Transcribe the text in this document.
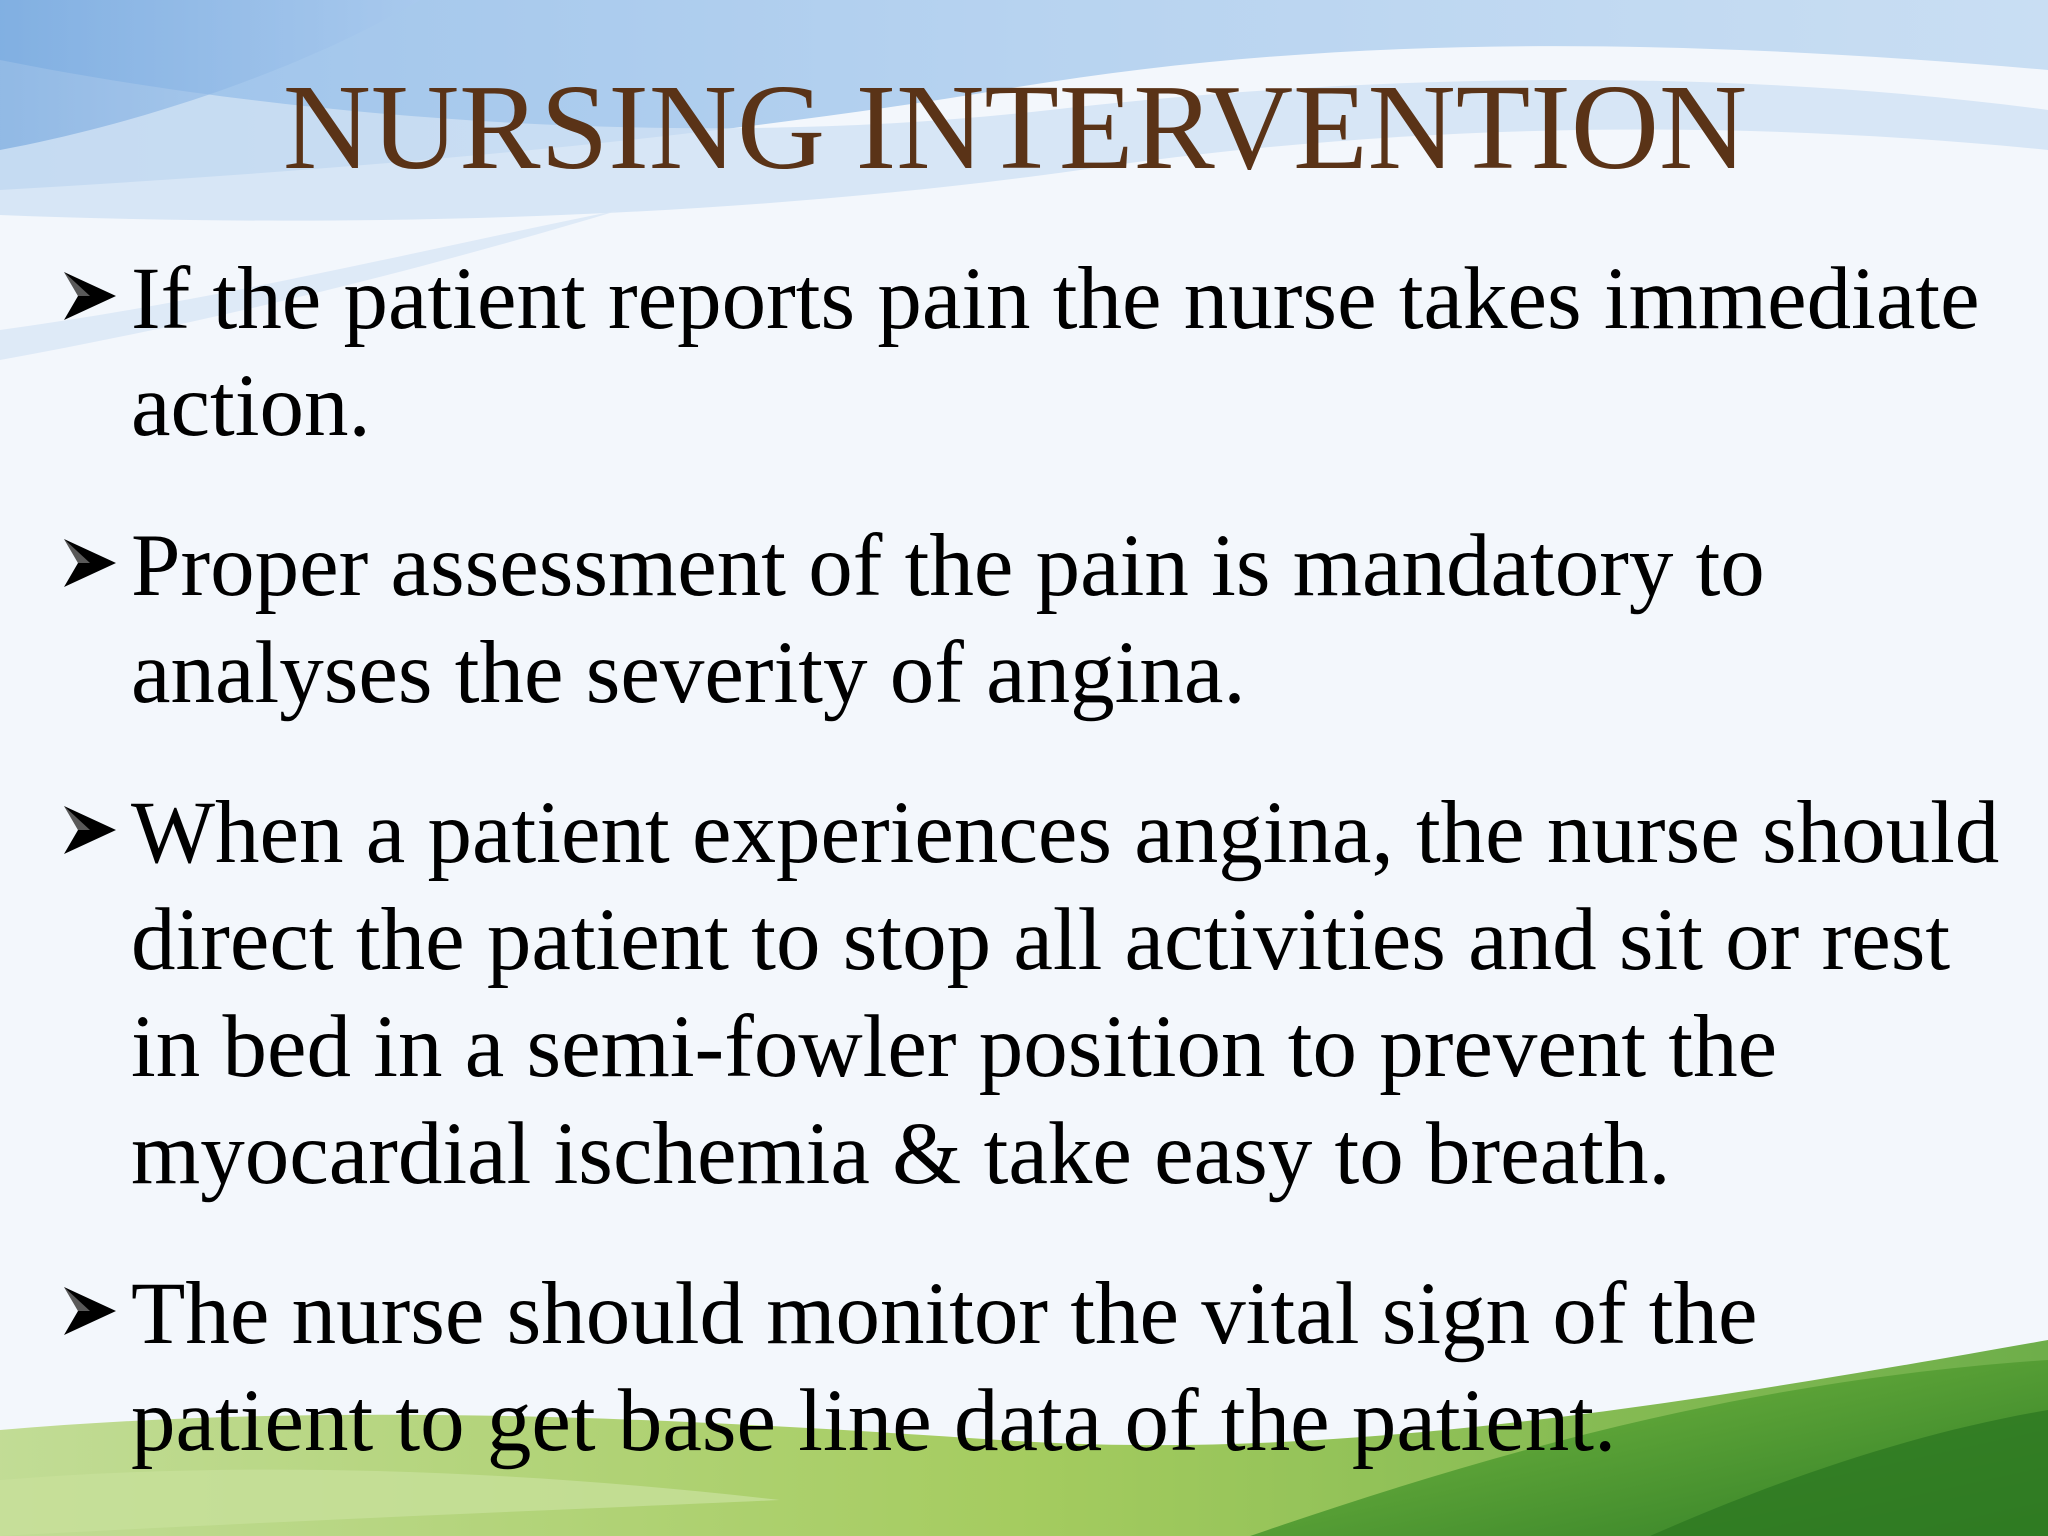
NURSING INTERVENTION
If the patient reports pain the nurse takes immediate action.
Proper assessment of the pain is mandatory to analyses the severity of angina.
When a patient experiences angina, the nurse should direct the patient to stop all activities and sit or rest in bed in a semi-fowler position to prevent the myocardial ischemia & take easy to breath.
The nurse should monitor the vital sign of the patient to get base line data of the patient.
